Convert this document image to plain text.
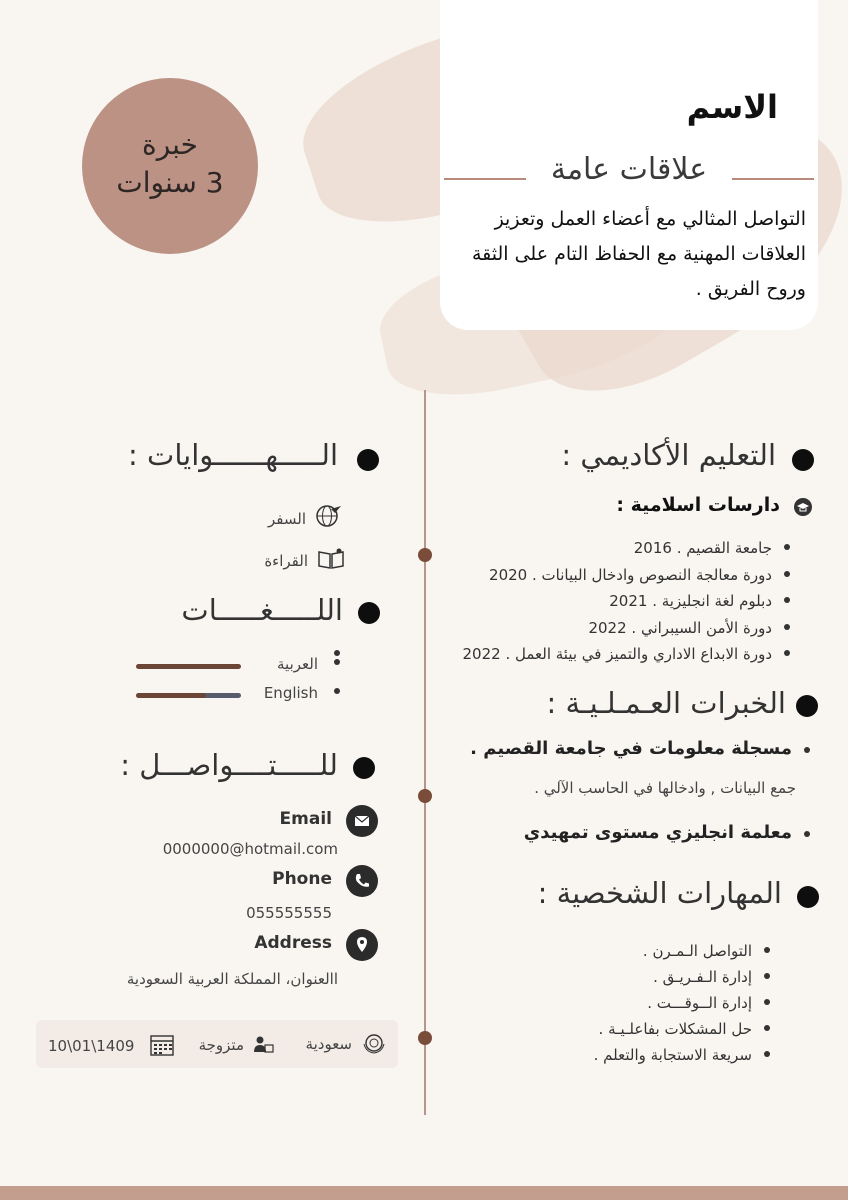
الاسم
علاقات عامة
التواصل المثالي مع أعضاء العمل وتعزيز العلاقات المهنية مع الحفاظ التام على الثقة وروح الفريق .
خبرة
3 سنوات
التعليم الأكاديمي :
دارسات اسلامية :
جامعة القصيم . 2016
دورة معالجة النصوص وادخال البيانات . 2020
دبلوم لغة انجليزية . 2021
دورة الأمن السيبراني . 2022
دورة الابداع الاداري والتميز في بيئة العمل . 2022
الخبرات العـمـلـيـة :
مسجلة معلومات في جامعة القصيم .
جمع البيانات , وادخالها في الحاسب الآلي .
معلمة انجليزي مستوى تمهيدي
المهارات الشخصية :
التواصل الـمـرن .
إدارة الـفـريـق .
إدارة الــوقـــت .
حل المشكلات بفاعلـيـة .
سريعة الاستجابة والتعلم .
الـــــهــــــوايات :
السفر
القراءة
اللـــــغـــــات
العربية
English
للـــــتــــواصـــل :
Email
0000000@hotmail.com
Phone
055555555
Address
االعنوان، المملكة العربية السعودية
سعودية
متزوجة
10\01\1409
